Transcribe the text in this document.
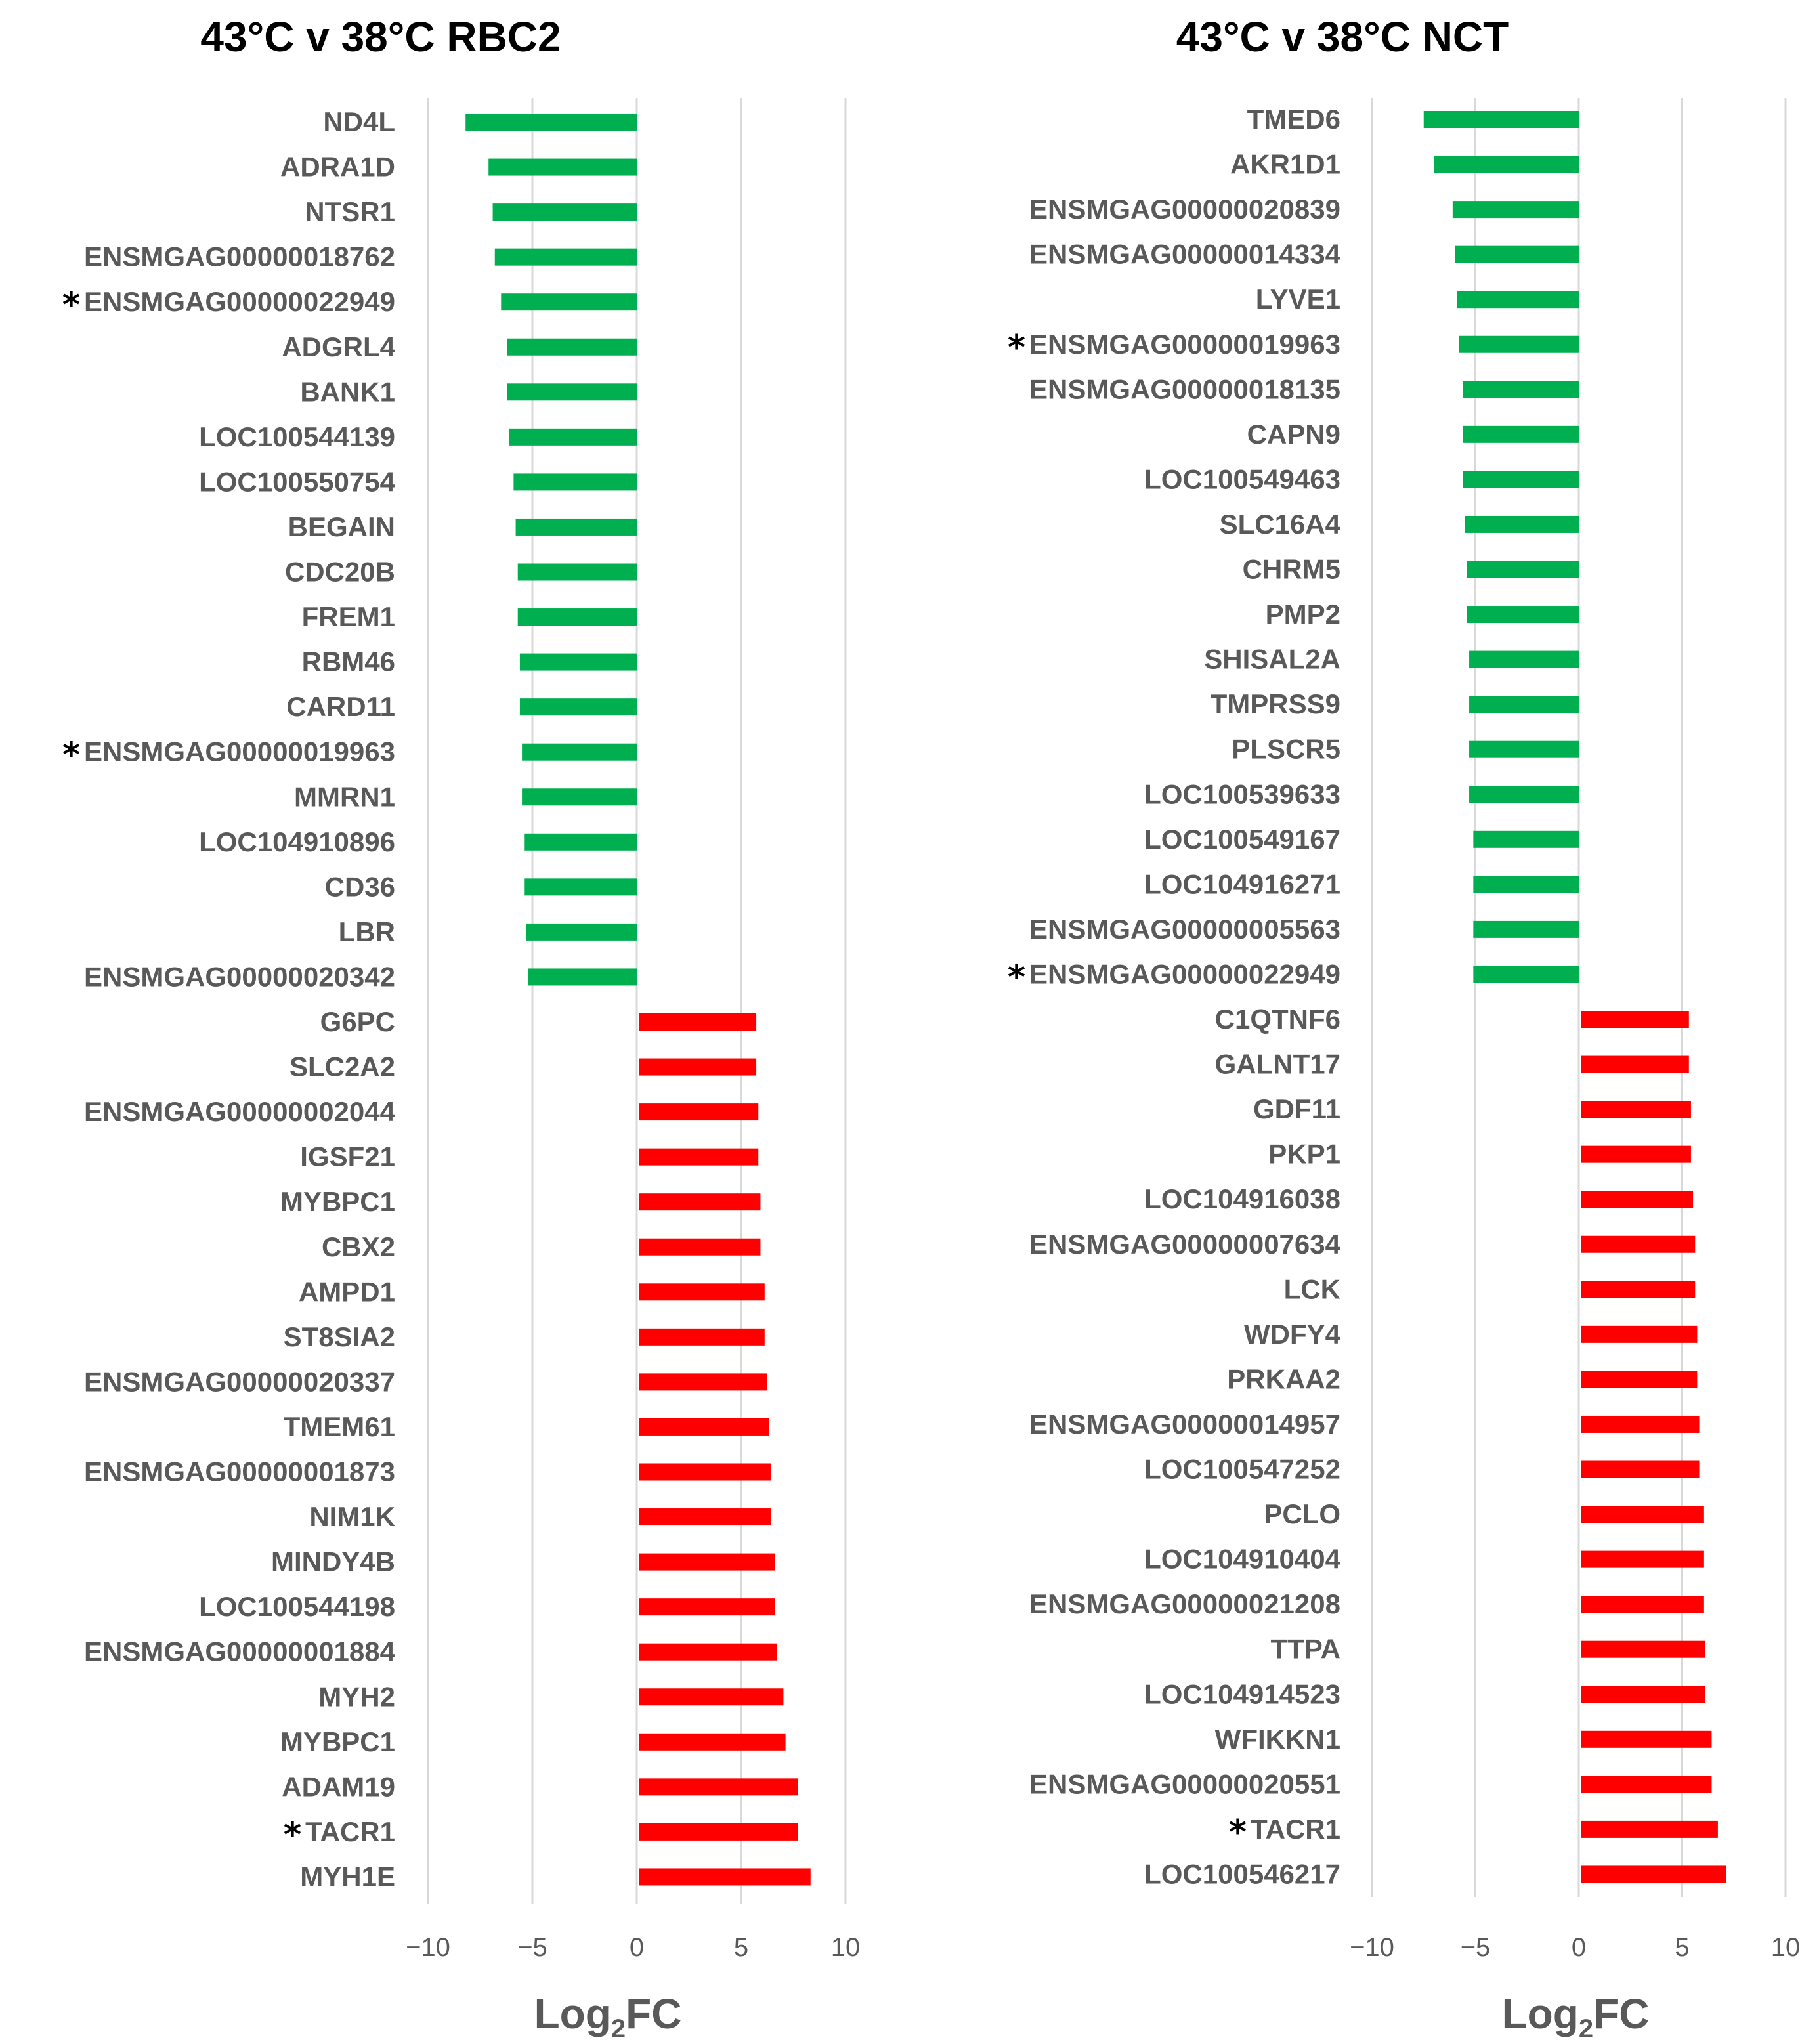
43°C v 38°C RBC2
−10	−5	0	5	10
ND4L
ADRA1D
NTSR1
ENSMGAG00000018762
ENSMGAG00000022949
*
ADGRL4
BANK1
LOC100544139
LOC100550754
BEGAIN
CDC20B
FREM1
RBM46
CARD11
ENSMGAG00000019963
*
MMRN1
LOC104910896
CD36
LBR
ENSMGAG00000020342
G6PC
SLC2A2
ENSMGAG00000002044
IGSF21
MYBPC1
CBX2
AMPD1
ST8SIA2
ENSMGAG00000020337
TMEM61
ENSMGAG00000001873
NIM1K
MINDY4B
LOC100544198
ENSMGAG00000001884
MYH2
MYBPC1
ADAM19
TACR1
*
MYH1E
Log$_2$FC
43°C v 38°C NCT
−10	−5	0	5	10
TMED6
AKR1D1
ENSMGAG00000020839
ENSMGAG00000014334
LYVE1
ENSMGAG00000019963
*
ENSMGAG00000018135
CAPN9
LOC100549463
SLC16A4
CHRM5
PMP2
SHISAL2A
TMPRSS9
PLSCR5
LOC100539633
LOC100549167
LOC104916271
ENSMGAG00000005563
ENSMGAG00000022949
*
C1QTNF6
GALNT17
GDF11
PKP1
LOC104916038
ENSMGAG00000007634
LCK
WDFY4
PRKAA2
ENSMGAG00000014957
LOC100547252
PCLO
LOC104910404
ENSMGAG00000021208
TTPA
LOC104914523
WFIKKN1
ENSMGAG00000020551
TACR1
*
LOC100546217
Log$_2$FC
